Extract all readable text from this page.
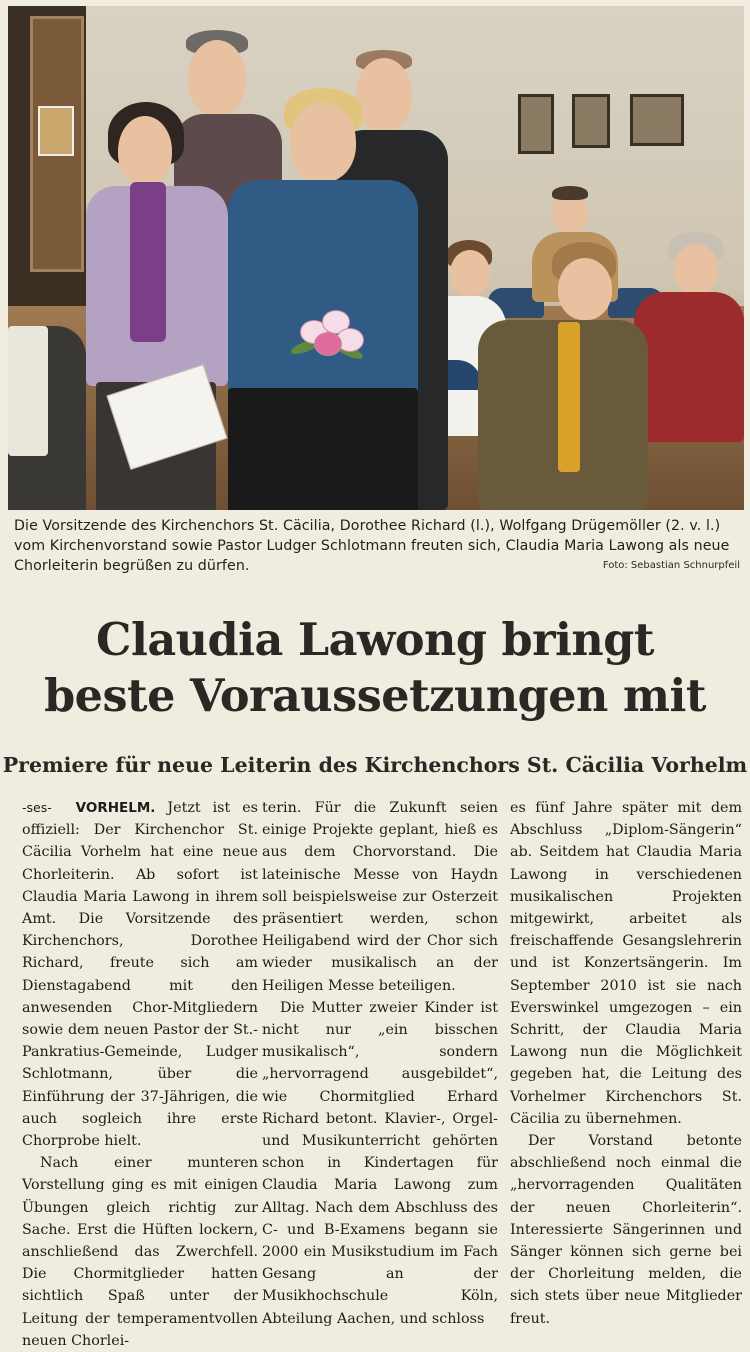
Die Vorsitzende des Kirchenchors St. Cäcilia, Dorothee Richard (l.), Wolfgang Drügemöller (2. v. l.) vom Kirchenvorstand sowie Pastor Ludger Schlotmann freuten sich, Claudia Maria Lawong als neue Chorleiterin begrüßen zu dürfen.	Foto: Sebastian Schnurpfeil
Claudia Lawong bringt
beste Voraussetzungen mit
Premiere für neue Leiterin des Kirchenchors St. Cäcilia Vorhelm

-ses- VORHELM. Jetzt ist es offiziell: Der Kirchenchor St. Cäcilia Vorhelm hat eine neue Chorleiterin. Ab sofort ist Claudia Maria Lawong in ihrem Amt. Die Vorsitzende des Kirchenchors, Dorothee Richard, freute sich am Dienstagabend mit den anwesenden Chor-Mitgliedern sowie dem neuen Pastor der St.-Pankratius-Gemeinde, Ludger Schlotmann, über die Einführung der 37-Jährigen, die auch sogleich ihre erste Chorprobe hielt.

Nach einer munteren Vorstellung ging es mit einigen Übungen gleich richtig zur Sache. Erst die Hüften lockern, anschließend das Zwerchfell. Die Chormitglieder hatten sichtlich Spaß unter der Leitung der temperamentvollen neuen Chorlei-

terin. Für die Zukunft seien einige Projekte geplant, hieß es aus dem Chorvorstand. Die lateinische Messe von Haydn soll beispielsweise zur Osterzeit präsentiert werden, schon Heiligabend wird der Chor sich wieder musikalisch an der Heiligen Messe beteiligen.

Die Mutter zweier Kinder ist nicht nur „ein bisschen musikalisch“, sondern „hervorragend ausgebildet“, wie Chormitglied Erhard Richard betont. Klavier-, Orgel- und Musikunterricht gehörten schon in Kindertagen für Claudia Maria Lawong zum Alltag. Nach dem Abschluss des C- und B-Examens begann sie 2000 ein Musikstudium im Fach Gesang an der Musikhochschule Köln, Abteilung Aachen, und schloss

es fünf Jahre später mit dem Abschluss „Diplom-Sängerin“ ab. Seitdem hat Claudia Maria Lawong in verschiedenen musikalischen Projekten mitgewirkt, arbeitet als freischaffende Gesangslehrerin und ist Konzertsängerin. Im September 2010 ist sie nach Everswinkel umgezogen – ein Schritt, der Claudia Maria Lawong nun die Möglichkeit gegeben hat, die Leitung des Vorhelmer Kirchenchors St. Cäcilia zu übernehmen.

Der Vorstand betonte abschließend noch einmal die „hervorragenden Qualitäten der neuen Chorleiterin“. Interessierte Sängerinnen und Sänger können sich gerne bei der Chorleitung melden, die sich stets über neue Mitglieder freut.
